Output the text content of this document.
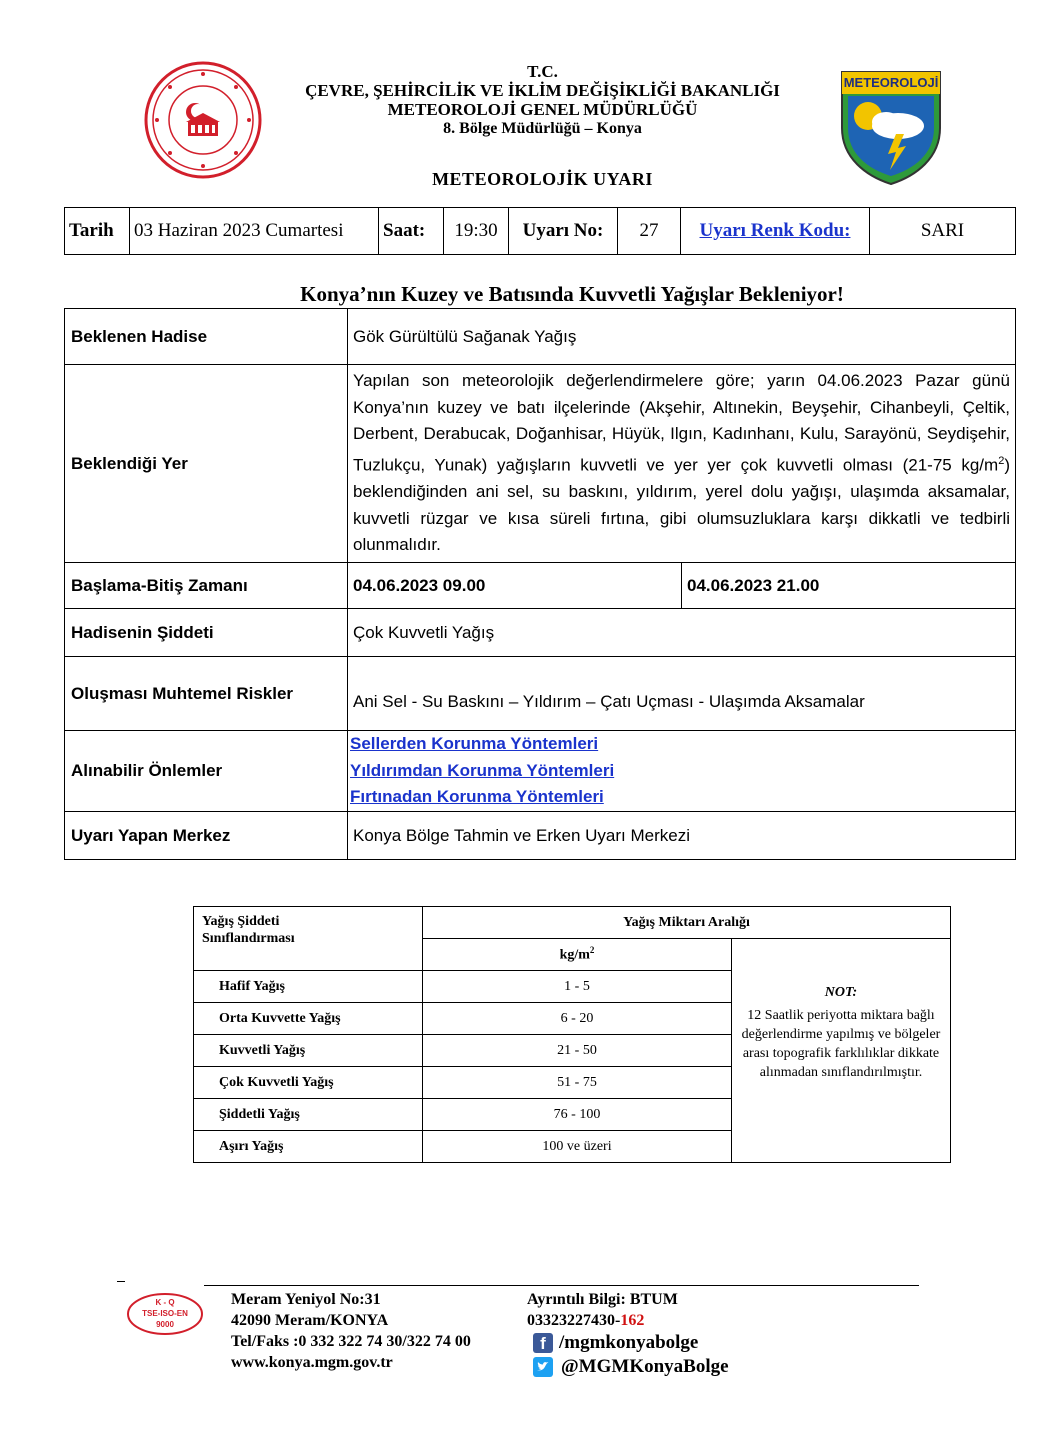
T.C.
ÇEVRE, ŞEHİRCİLİK VE İKLİM DEĞİŞİKLİĞİ BAKANLIĞI
METEOROLOJİ GENEL MÜDÜRLÜĞÜ
8. Bölge Müdürlüğü – Konya
METEOROLOJİ
METEOROLOJİK UYARI
Tarih	03 Haziran 2023 Cumartesi	Saat:	19:30	Uyarı No:	27	Uyarı Renk Kodu:	SARI
Konya’nın Kuzey ve Batısında Kuvvetli Yağışlar Bekleniyor!
Beklenen Hadise	Gök Gürültülü Sağanak Yağış	
Beklendiği Yer	Yapılan son meteorolojik değerlendirmelere göre; yarın 04.06.2023 Pazar günü Konya’nın kuzey ve batı ilçelerinde (Akşehir, Altınekin, Beyşehir, Cihanbeyli, Çeltik, Derbent, Derabucak, Doğanhisar, Hüyük, Ilgın, Kadınhanı, Kulu, Sarayönü, Seydişehir, Tuzlukçu, Yunak) yağışların kuvvetli ve yer yer çok kuvvetli olması (21-75 $kg/m^2$) beklendiğinden ani sel, su baskını, yıldırım, yerel dolu yağışı, ulaşımda aksamalar, kuvvetli rüzgar ve kısa süreli fırtına, gibi olumsuzluklara karşı dikkatli ve tedbirli olunmalıdır.	
Başlama-Bitiş Zamanı	04.06.2023 09.00	04.06.2023 21.00
Hadisenin Şiddeti	Çok Kuvvetli Yağış	
Oluşması Muhtemel Riskler	Ani Sel - Su Baskını – Yıldırım – Çatı Uçması - Ulaşımda Aksamalar	
Alınabilir Önlemler	Sellerden Korunma Yöntemleri
Yıldırımdan Korunma Yöntemleri
Fırtınadan Korunma Yöntemleri	

Uyarı Yapan Merkez	Konya Bölge Tahmin ve Erken Uyarı Merkezi	
Yağış Şiddeti
Sınıflandırması	Yağış Miktarı Aralığı	
	$kg/m^2$	
Hafif Yağış	1 - 5	NOT:
12 Saatlik periyotta miktara bağlı değerlendirme yapılmış ve bölgeler arası topografik farklılıklar dikkate alınmadan sınıflandırılmıştır.

Orta Kuvvette Yağış	6 - 20	
Kuvvetli Yağış	21 - 50	
Çok Kuvvetli Yağış	51 - 75	
Şiddetli Yağış	76 - 100	
Aşırı Yağış	100 ve üzeri	
K - Q
TSE-ISO-EN
9000
Meram Yeniyol No:31
42090 Meram/KONYA
Tel/Faks :0 332 322 74 30/322 74 00
www.konya.mgm.gov.tr
Ayrıntılı Bilgi: BTUM
03323227430-162
f /mgmkonyabolge
@MGMKonyaBolge
